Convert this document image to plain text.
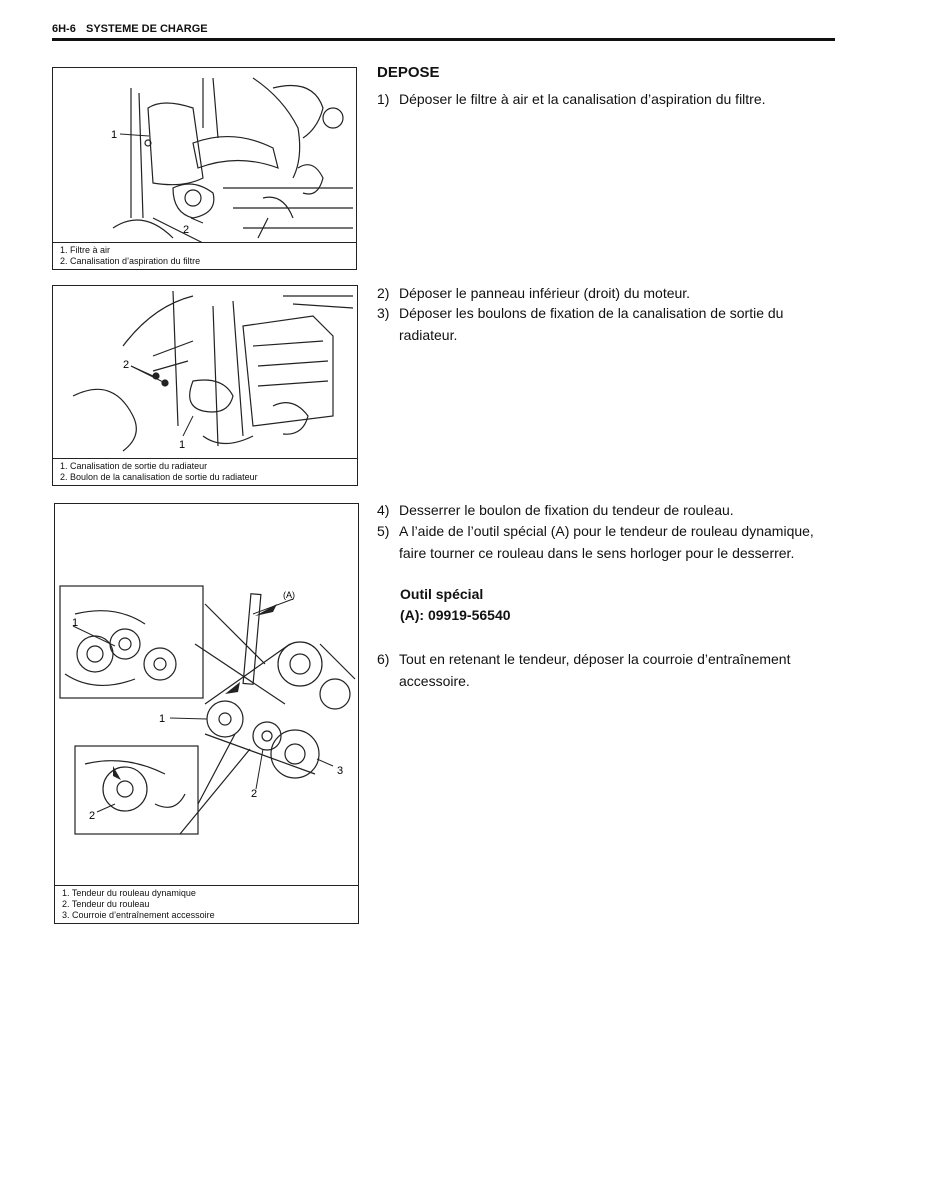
6H-6 SYSTEME DE CHARGE
1
2
1. Filtre à air
2. Canalisation d’aspiration du filtre
2
1
1. Canalisation de sortie du radiateur
2. Boulon de la canalisation de sortie du radiateur
(A)
1
1
2
2
3
1. Tendeur du rouleau dynamique
2. Tendeur du rouleau
3. Courroie d’entraînement accessoire
DEPOSE
1) Déposer le filtre à air et la canalisation d’aspiration du filtre.
2) Déposer le panneau inférieur (droit) du moteur.
3) Déposer les boulons de fixation de la canalisation de sortie du radiateur.
4) Desserrer le boulon de fixation du tendeur de rouleau.
5) A l’aide de l’outil spécial (A) pour le tendeur de rouleau dynamique, faire tourner ce rouleau dans le sens horloger pour le desserrer.
Outil spécial
(A): 09919-56540
6) Tout en retenant le tendeur, déposer la courroie d’entraînement accessoire.
